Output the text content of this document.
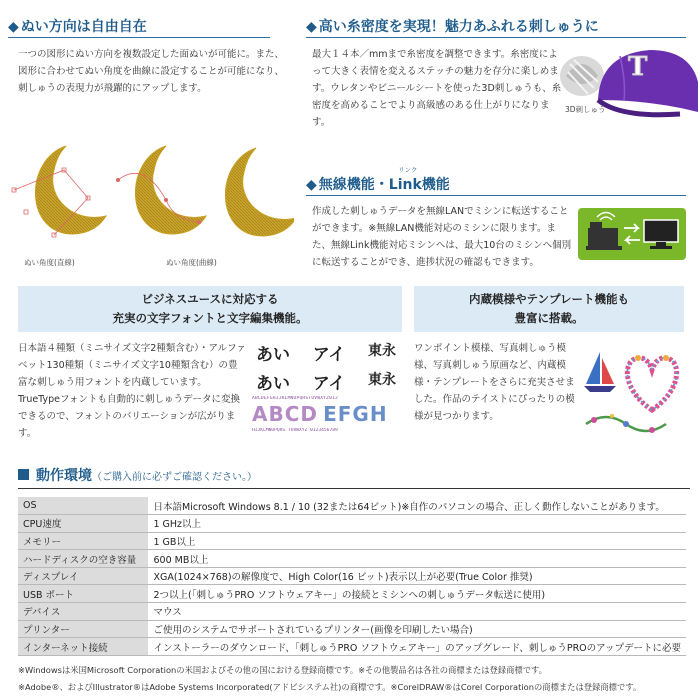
◆ ぬい方向は自由自在

一つの図形にぬい方向を複数設定した面ぬいが可能に。また、図形に合わせてぬい角度を曲線に設定することが可能になり、刺しゅうの表現力が飛躍的にアップします。

ぬい角度(直線)	ぬい角度(曲線)
◆ 高い糸密度を実現！魅力あふれる刺しゅうに

最大１４本／mmまで糸密度を調整できます。糸密度によって大きく表情を変えるステッチの魅力を存分に楽しめます。ウレタンやビニールシートを使った3D刺しゅうも、糸密度を高めることでより高級感のある仕上がりになります。

T
3D刺しゅう
リンク
◆ 無線機能・Link機能

作成した刺しゅうデータを無線LANでミシンに転送することができます。※無線LAN機能対応のミシンに限ります。また、無線Link機能対応ミシンへは、最大10台のミシンへ個別に転送することができ、進捗状況の確認もできます。

ビジネスユースに対応する
充実の文字フォントと文字編集機能。

日本語４種類（ミニサイズ文字2種類含む）・アルファベット130種類（ミニサイズ文字10種類含む）の豊富な刺しゅう用フォントを内蔵しています。TrueTypeフォントも自動的に刺しゅうデータに変換できるので、フォントのバリエーションが広がります。

あい アイ 東永
あい アイ 東永
ABCDEFGHIJKLMNOPQRSTUVWXYZ012
ABCD EFGH
HIJKLMNOPQRS TUVWXYZ 0123456789
内蔵模様やテンプレート機能も
豊富に搭載。

ワンポイント模様、写真刺しゅう模様、写真刺しゅう原画など、内蔵模様・テンプレートをさらに充実させました。作品のテイストにぴったりの模様が見つかります。

動作環境（ご購入前に必ずご確認ください。）
OS	日本語Microsoft Windows 8.1 / 10 (32または64ビット)※自作のパソコンの場合、正しく動作しないことがあります。
CPU速度	1 GHz以上
メモリー	1 GB以上
ハードディスクの空き容量	600 MB以上
ディスプレイ	XGA(1024×768)の解像度で、High Color(16 ビット)表示以上が必要(True Color 推奨)
USB ポート	2つ以上(「刺しゅうPRO ソフトウェアキー」の接続とミシンへの刺しゅうデータ転送に使用)
デバイス	マウス
プリンター	ご使用のシステムでサポートされているプリンター(画像を印刷したい場合)
インターネット接続	インストーラーのダウンロード、「刺しゅうPRO ソフトウェアキー」のアップグレード、刺しゅうPROのアップデートに必要
※Windowsは米国Microsoft Corporationの米国およびその他の国における登録商標です。※その他製品名は各社の商標または登録商標です。
※Adobe®、およびIllustrator®はAdobe Systems Incorporated(アドビシステム社)の商標です。※CorelDRAW®はCorel Corporationの商標または登録商標です。
